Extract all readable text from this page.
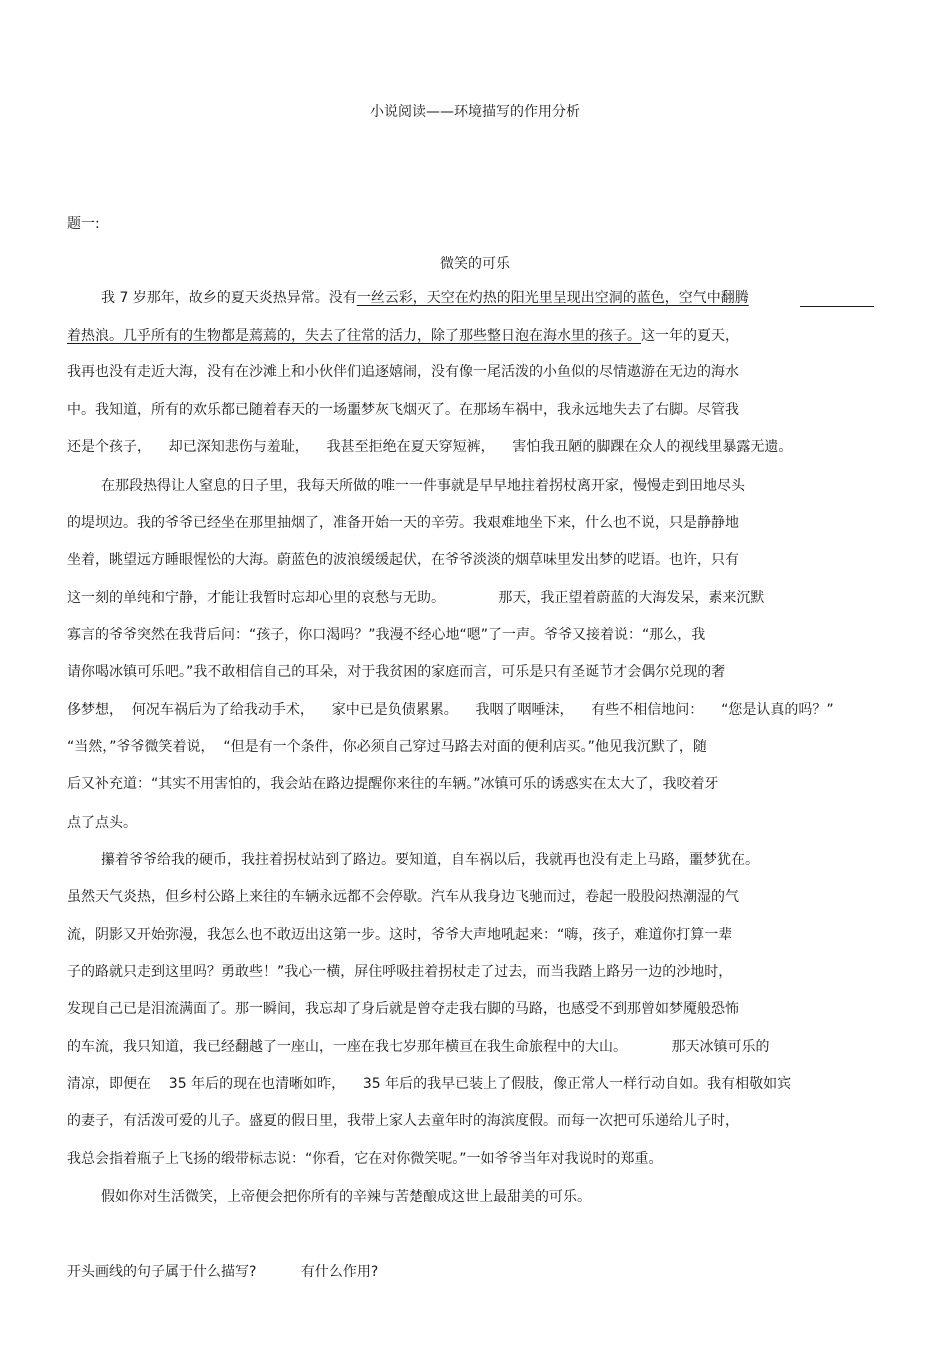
小说阅读——环境描写的作用分析
题一:
微笑的可乐
我 7 岁那年，故乡的夏天炎热异常。没有一丝云彩，天空在灼热的阳光里呈现出空洞的蓝色，空气中翻腾
着热浪。几乎所有的生物都是蔫蔫的，失去了往常的活力，除了那些整日泡在海水里的孩子。这一年的夏天，
我再也没有走近大海，没有在沙滩上和小伙伴们追逐嬉闹，没有像一尾活泼的小鱼似的尽情遨游在无边的海水
中。我知道，所有的欢乐都已随着春天的一场噩梦灰飞烟灭了。在那场车祸中，我永远地失去了右脚。尽管我
还是个孩子，    却已深知悲伤与羞耻，    我甚至拒绝在夏天穿短裤，    害怕我丑陋的脚踝在众人的视线里暴露无遗。
在那段热得让人窒息的日子里，我每天所做的唯一一件事就是早早地拄着拐杖离开家，慢慢走到田地尽头
的堤坝边。我的爷爷已经坐在那里抽烟了，准备开始一天的辛劳。我艰难地坐下来，什么也不说，只是静静地
坐着，眺望远方睡眼惺忪的大海。蔚蓝色的波浪缓缓起伏，在爷爷淡淡的烟草味里发出梦的呓语。也许，只有
这一刻的单纯和宁静，才能让我暂时忘却心里的哀愁与无助。            那天，我正望着蔚蓝的大海发呆，素来沉默
寡言的爷爷突然在我背后问：“孩子，你口渴吗？”我漫不经心地“嗯”了一声。爷爷又接着说：“那么，我
请你喝冰镇可乐吧。”我不敢相信自己的耳朵，对于我贫困的家庭而言，可乐是只有圣诞节才会偶尔兑现的奢
侈梦想，  何况车祸后为了给我动手术，    家中已是负债累累。    我咽了咽唾沫，    有些不相信地问：    “您是认真的吗？”
“当然，”爷爷微笑着说，  “但是有一个条件，你必须自己穿过马路去对面的便利店买。”他见我沉默了，随
后又补充道：“其实不用害怕的，我会站在路边提醒你来往的车辆。”冰镇可乐的诱惑实在太大了，我咬着牙
点了点头。
攥着爷爷给我的硬币，我拄着拐杖站到了路边。要知道，自车祸以后，我就再也没有走上马路，噩梦犹在。
虽然天气炎热，但乡村公路上来往的车辆永远都不会停歇。汽车从我身边飞驰而过，卷起一股股闷热潮湿的气
流，阴影又开始弥漫，我怎么也不敢迈出这第一步。这时，爷爷大声地吼起来：“嗨，孩子，难道你打算一辈
子的路就只走到这里吗？勇敢些！”我心一横，屏住呼吸拄着拐杖走了过去，而当我踏上路另一边的沙地时，
发现自己已是泪流满面了。那一瞬间，我忘却了身后就是曾夺走我右脚的马路，也感受不到那曾如梦魇般恐怖
的车流，我只知道，我已经翻越了一座山，一座在我七岁那年横亘在我生命旅程中的大山。          那天冰镇可乐的
清凉，即便在    35 年后的现在也清晰如昨，    35 年后的我早已装上了假肢，像正常人一样行动自如。我有相敬如宾
的妻子，有活泼可爱的儿子。盛夏的假日里，我带上家人去童年时的海滨度假。而每一次把可乐递给儿子时，
我总会指着瓶子上飞扬的缎带标志说：“你看，它在对你微笑呢。”一如爷爷当年对我说时的郑重。
假如你对生活微笑，上帝便会把你所有的辛辣与苦楚酿成这世上最甜美的可乐。
开头画线的句子属于什么描写?          有什么作用?
